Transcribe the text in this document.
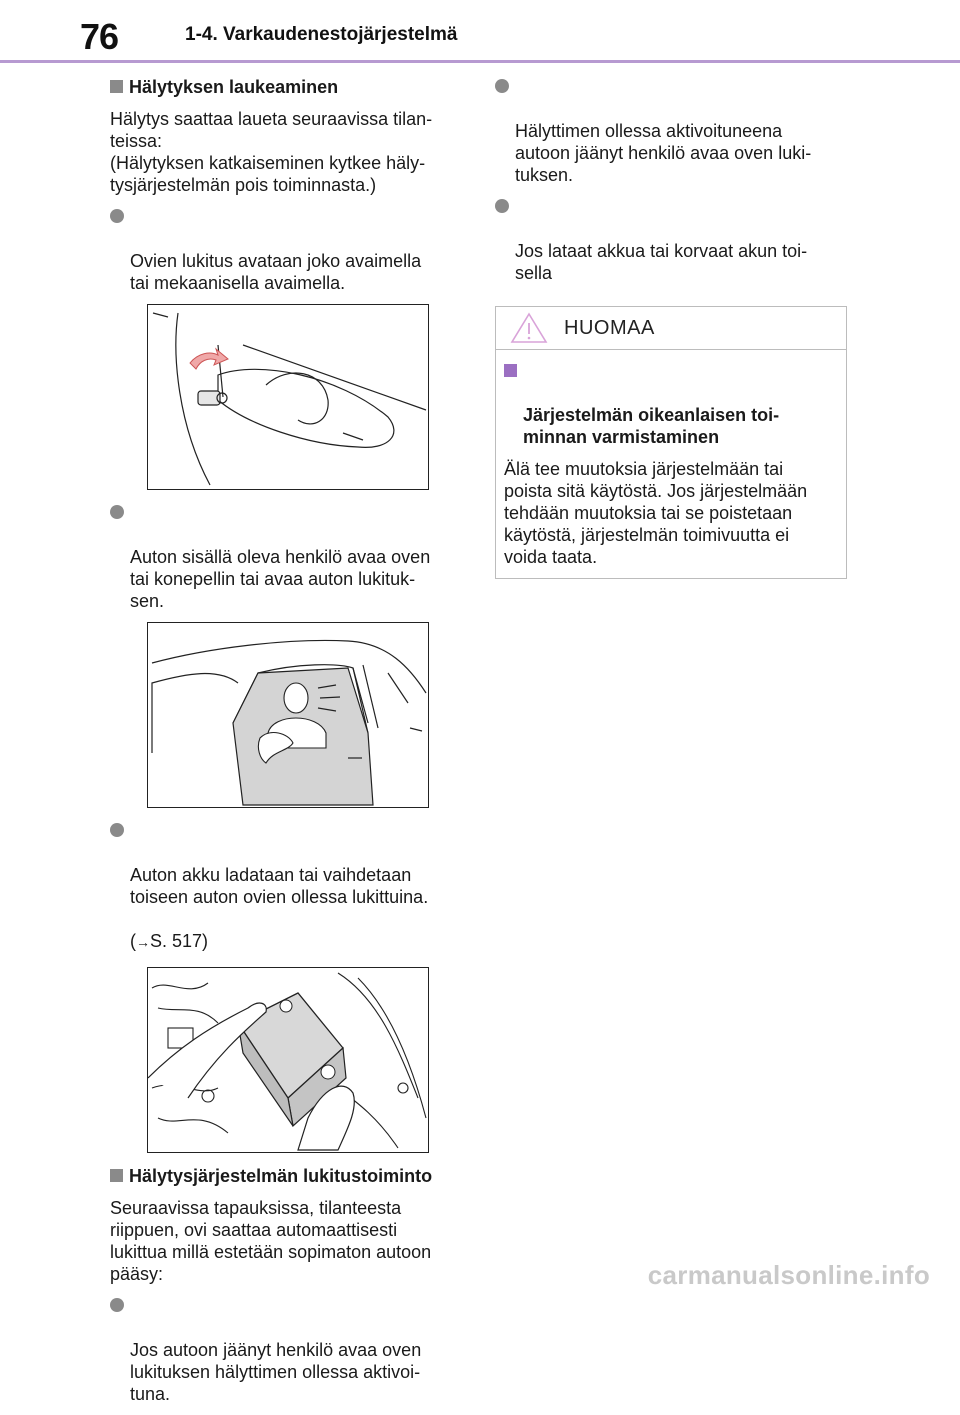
76	1-4. Varkaudenestojärjestelmä
Hälytyksen laukeaminen
Hälytys saattaa laueta seuraavissa tilan-
teissa:
(Hälytyksen katkaiseminen kytkee häly-
tysjärjestelmän pois toiminnasta.)

Ovien lukitus avataan joko avaimella
tai mekaanisella avaimella.

Auton sisällä oleva henkilö avaa oven
tai konepellin tai avaa auton lukituk-
sen.

Auton akku ladataan tai vaihdetaan
toiseen auton ovien ollessa lukittuina.

(→S. 517)

Hälytysjärjestelmän lukitustoiminto
Seuraavissa tapauksissa, tilanteesta
riippuen, ovi saattaa automaattisesti
lukittua millä estetään sopimaton autoon
pääsy:

Jos autoon jäänyt henkilö avaa oven
lukituksen hälyttimen ollessa aktivoi-
tuna.

Hälyttimen ollessa aktivoituneena
autoon jäänyt henkilö avaa oven luki-
tuksen.

Jos lataat akkua tai korvaat akun toi-
sella

HUOMAA

Järjestelmän oikeanlaisen toi-
minnan varmistaminen

Älä tee muutoksia järjestelmään tai
poista sitä käytöstä. Jos järjestelmään
tehdään muutoksia tai se poistetaan
käytöstä, järjestelmän toimivuutta ei
voida taata.
carmanualsonline.info
